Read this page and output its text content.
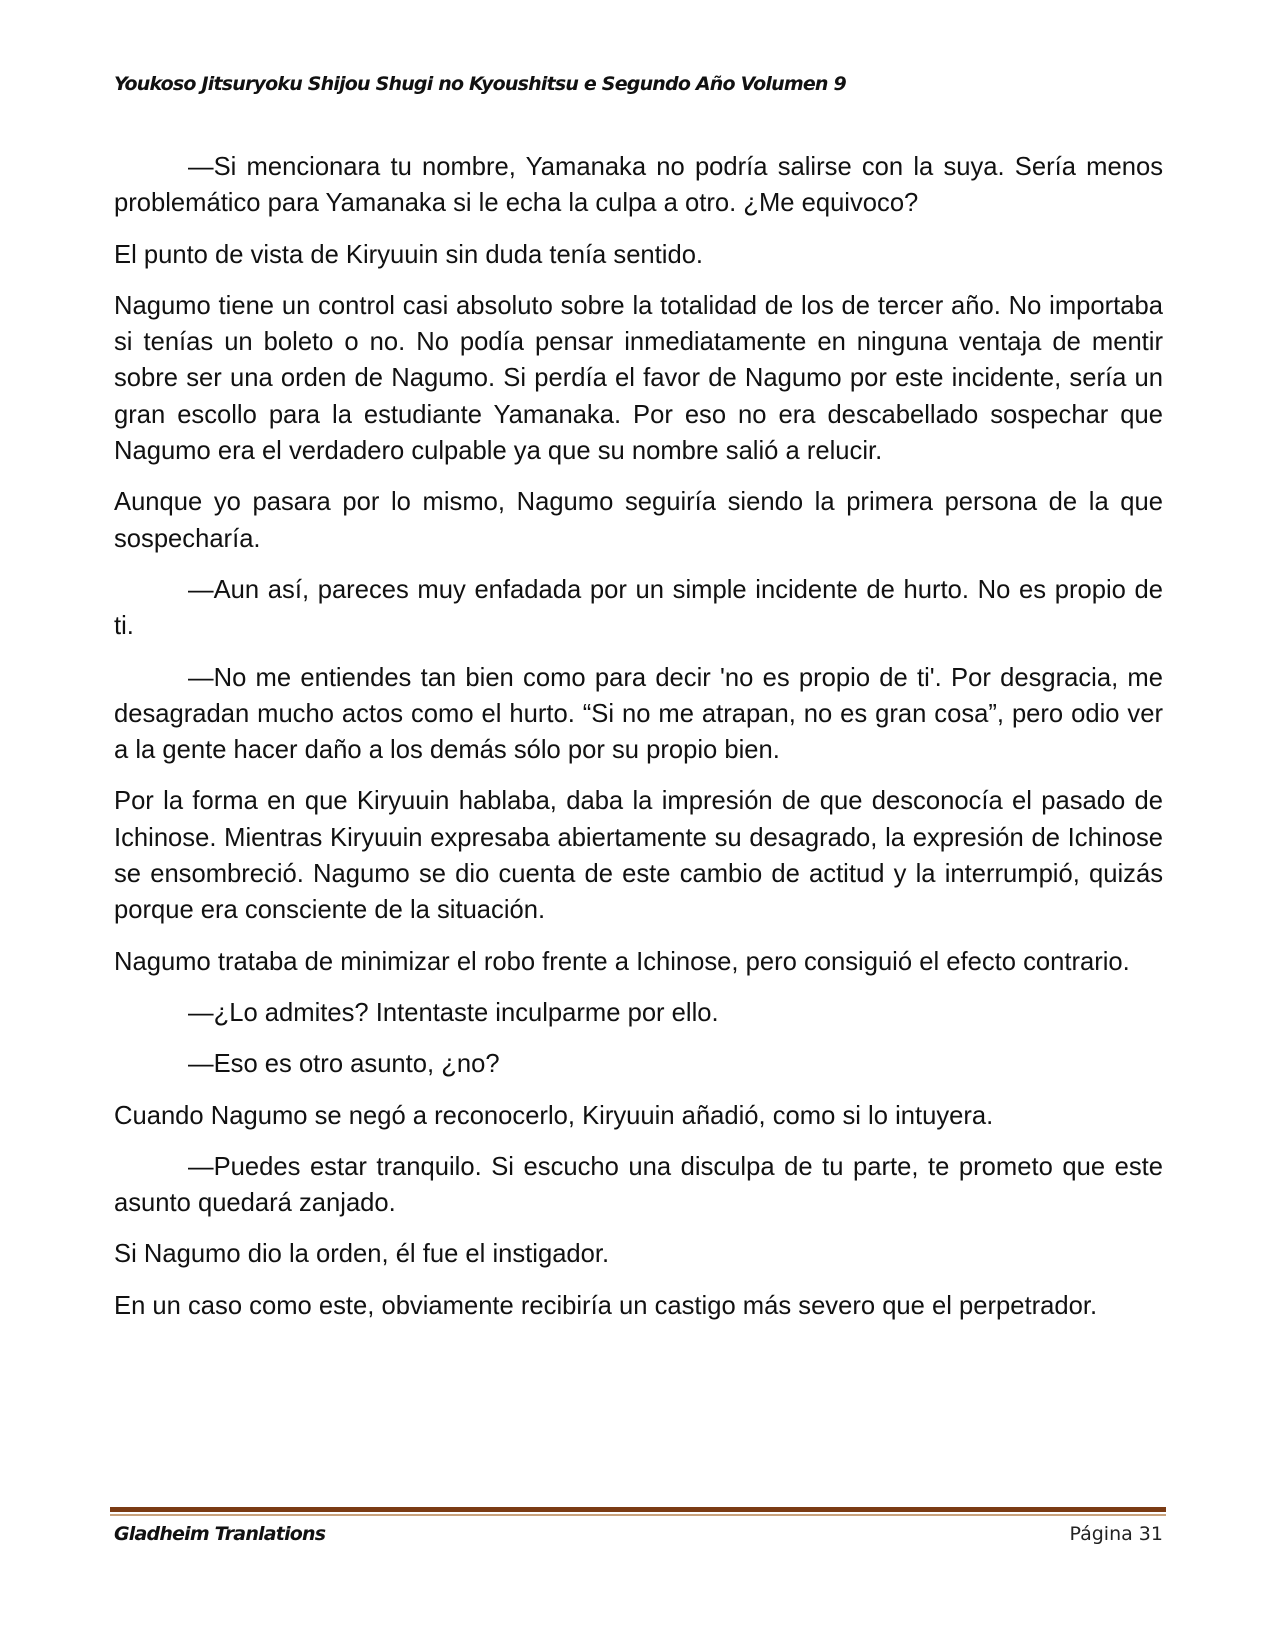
Youkoso Jitsuryoku Shijou Shugi no Kyoushitsu e Segundo Año Volumen 9

—Si mencionara tu nombre, Yamanaka no podría salirse con la suya. Sería menos problemático para Yamanaka si le echa la culpa a otro. ¿Me equivoco?

El punto de vista de Kiryuuin sin duda tenía sentido.

Nagumo tiene un control casi absoluto sobre la totalidad de los de tercer año. No importaba si tenías un boleto o no. No podía pensar inmediatamente en ninguna ventaja de mentir sobre ser una orden de Nagumo. Si perdía el favor de Nagumo por este incidente, sería un gran escollo para la estudiante Yamanaka. Por eso no era descabellado sospechar que Nagumo era el verdadero culpable ya que su nombre salió a relucir.

Aunque yo pasara por lo mismo, Nagumo seguiría siendo la primera persona de la que sospecharía.

—Aun así, pareces muy enfadada por un simple incidente de hurto. No es propio de ti.

—No me entiendes tan bien como para decir 'no es propio de ti'. Por desgracia, me desagradan mucho actos como el hurto. “Si no me atrapan, no es gran cosa”, pero odio ver a la gente hacer daño a los demás sólo por su propio bien.

Por la forma en que Kiryuuin hablaba, daba la impresión de que desconocía el pasado de Ichinose. Mientras Kiryuuin expresaba abiertamente su desagrado, la expresión de Ichinose se ensombreció. Nagumo se dio cuenta de este cambio de actitud y la interrumpió, quizás porque era consciente de la situación.

Nagumo trataba de minimizar el robo frente a Ichinose, pero consiguió el efecto contrario.

—¿Lo admites? Intentaste inculparme por ello.

—Eso es otro asunto, ¿no?

Cuando Nagumo se negó a reconocerlo, Kiryuuin añadió, como si lo intuyera.

—Puedes estar tranquilo. Si escucho una disculpa de tu parte, te prometo que este asunto quedará zanjado.

Si Nagumo dio la orden, él fue el instigador.

En un caso como este, obviamente recibiría un castigo más severo que el perpetrador.

Gladheim Tranlations	Página 31
